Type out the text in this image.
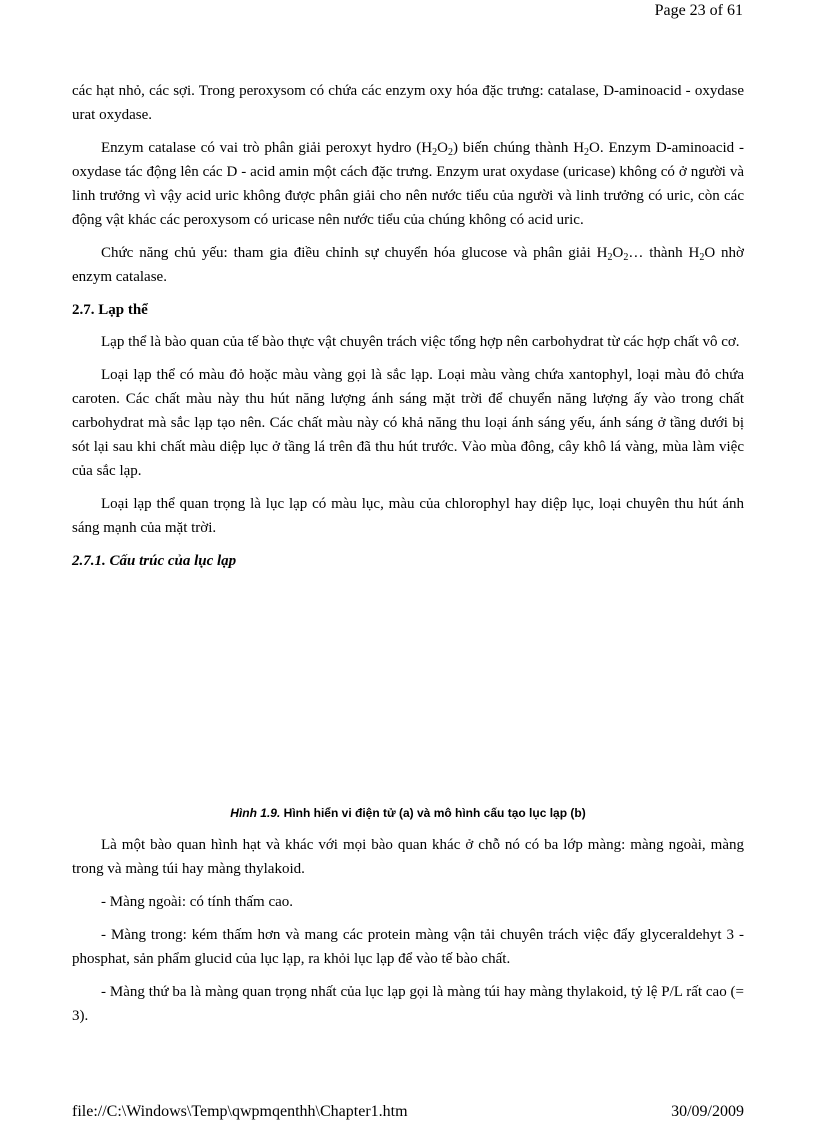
Page 23 of 61

các hạt nhỏ, các sợi. Trong peroxysom có chứa các enzym oxy hóa đặc trưng: catalase, D-aminoacid - oxydase urat oxydase.

Enzym catalase có vai trò phân giải peroxyt hydro $(H_2O_2)$ biến chúng thành $H_2O$. Enzym D-aminoacid - oxydase tác động lên các D - acid amin một cách đặc trưng. Enzym urat oxydase (uricase) không có ở người và linh trưởng vì vậy acid uric không được phân giải cho nên nước tiểu của người và linh trưởng có uric, còn các động vật khác các peroxysom có uricase nên nước tiểu của chúng không có acid uric.

Chức năng chủ yếu: tham gia điều chỉnh sự chuyển hóa glucose và phân giải $H_2O_2\dots$ thành $H_2O$ nhờ enzym catalase.

2.7. Lạp thể

Lạp thể là bào quan của tế bào thực vật chuyên trách việc tổng hợp nên carbohydrat từ các hợp chất vô cơ.

Loại lạp thể có màu đỏ hoặc màu vàng gọi là sắc lạp. Loại màu vàng chứa xantophyl, loại màu đỏ chứa caroten. Các chất màu này thu hút năng lượng ánh sáng mặt trời để chuyển năng lượng ấy vào trong chất carbohydrat mà sắc lạp tạo nên. Các chất màu này có khả năng thu loại ánh sáng yếu, ánh sáng ở tầng dưới bị sót lại sau khi chất màu diệp lục ở tầng lá trên đã thu hút trước. Vào mùa đông, cây khô lá vàng, mùa làm việc của sắc lạp.

Loại lạp thể quan trọng là lục lạp có màu lục, màu của chlorophyl hay diệp lục, loại chuyên thu hút ánh sáng mạnh của mặt trời.

2.7.1. Cấu trúc của lục lạp
Hình 1.9. Hình hiển vi điện tử (a) và mô hình cấu tạo lục lạp (b)

Là một bào quan hình hạt và khác với mọi bào quan khác ở chỗ nó có ba lớp màng: màng ngoài, màng trong và màng túi hay màng thylakoid.

- Màng ngoài: có tính thấm cao.

- Màng trong: kém thấm hơn và mang các protein màng vận tải chuyên trách việc đẩy glyceraldehyt 3 - phosphat, sản phẩm glucid của lục lạp, ra khỏi lục lạp để vào tế bào chất.

- Màng thứ ba là màng quan trọng nhất của lục lạp gọi là màng túi hay màng thylakoid, tỷ lệ P/L rất cao (= 3).

file://C:\Windows\Temp\qwpmqenthh\Chapter1.htm	30/09/2009
